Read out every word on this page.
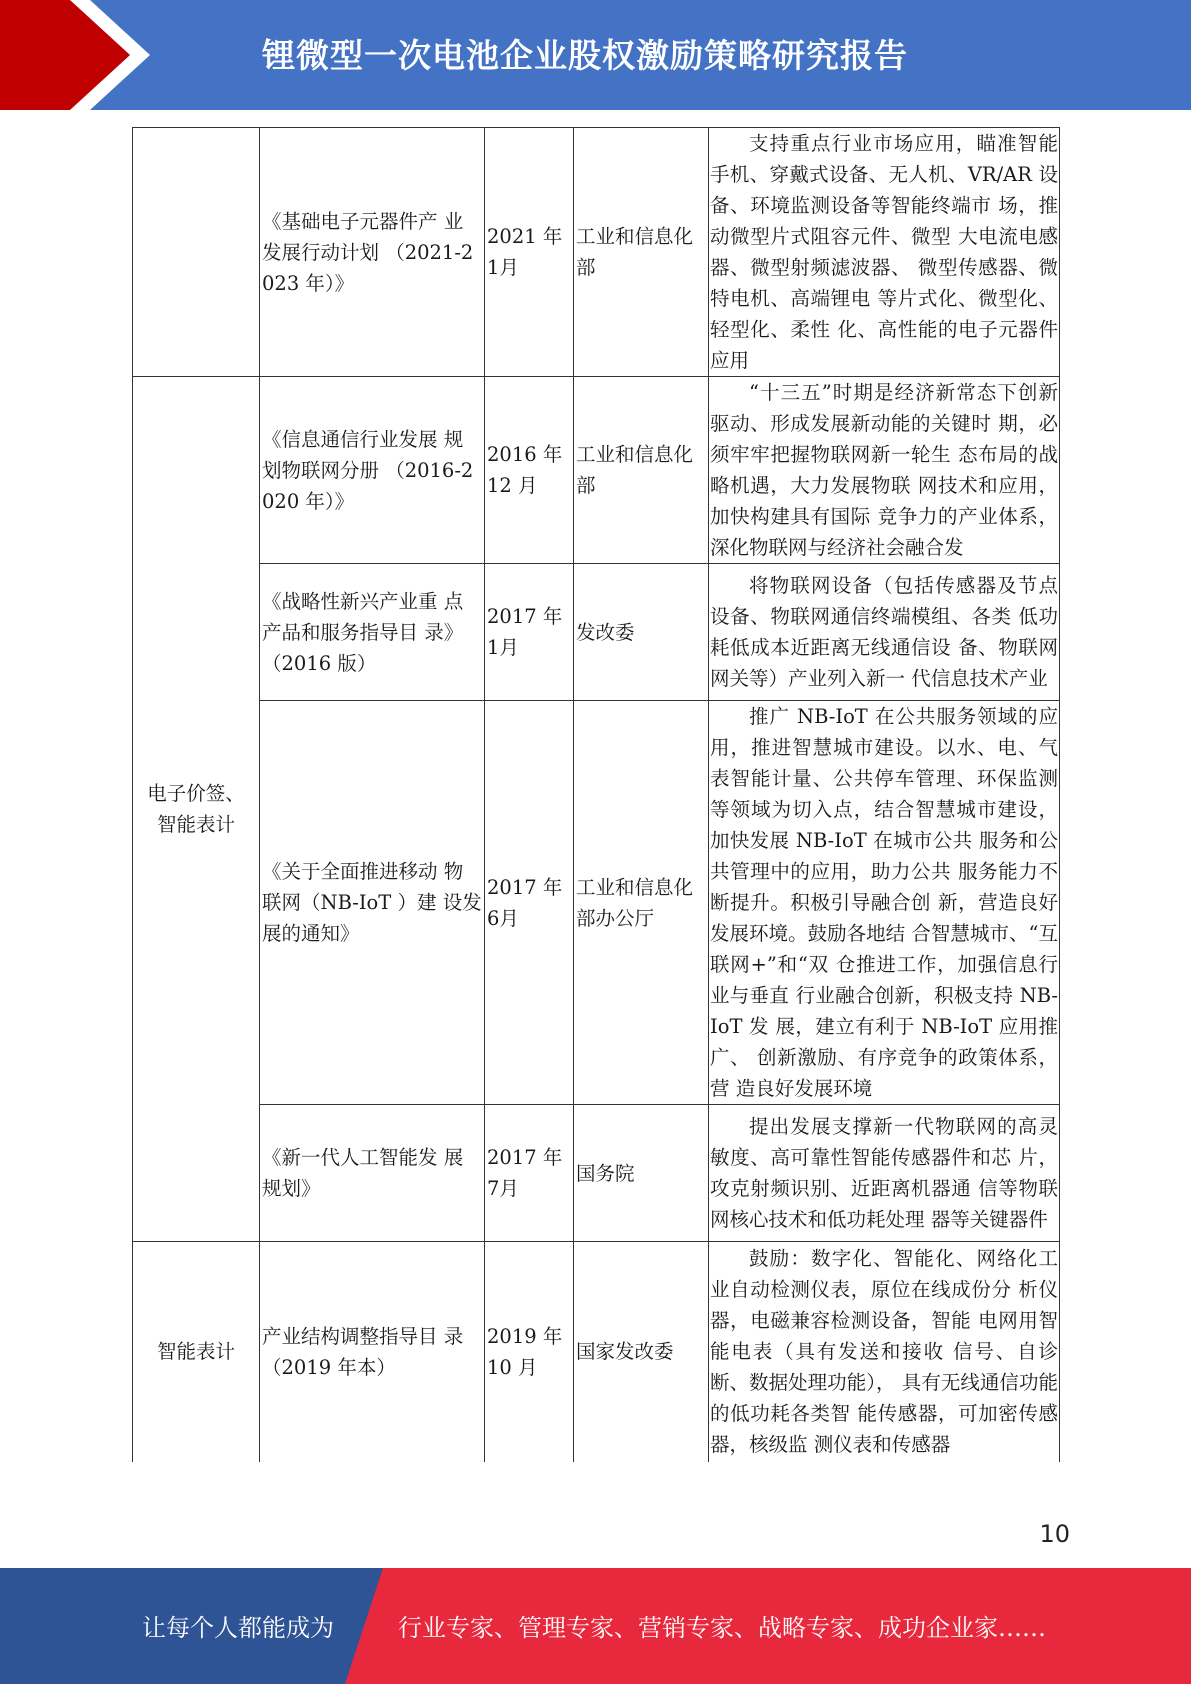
锂微型一次电池企业股权激励策略研究报告
	《基础电子元器件产 业发展行动计划 （2021-2023 年）》	2021 年 1月	工业和信息化部	支持重点行业市场应用，瞄准智能手机、穿戴式设备、无人机、VR/AR 设备、环境监测设备等智能终端市 场，推动微型片式阻容元件、微型 大电流电感器、微型射频滤波器、 微型传感器、微特电机、高端锂电 等片式化、微型化、轻型化、柔性 化、高性能的电子元器件应用
电子价签、 智能表计	《信息通信行业发展 规划物联网分册 （2016-2020 年）》	2016 年 12 月	工业和信息化部	“十三五”时期是经济新常态下创新驱动、形成发展新动能的关键时 期，必须牢牢把握物联网新一轮生 态布局的战略机遇，大力发展物联 网技术和应用，加快构建具有国际 竞争力的产业体系，深化物联网与经济社会融合发
	《战略性新兴产业重 点产品和服务指导目 录》（2016 版）	2017 年 1月	发改委	将物联网设备（包括传感器及节点设备、物联网通信终端模组、各类 低功耗低成本近距离无线通信设 备、物联网网关等）产业列入新一 代信息技术产业
	《关于全面推进移动 物联网（NB-IoT ）建 设发展的通知》	2017 年 6月	工业和信息化部办公厅	推广 NB-IoT 在公共服务领域的应用，推进智慧城市建设。以水、电、气表智能计量、公共停车管理、环保监测等领域为切入点，结合智慧城市建设，加快发展 NB-IoT 在城市公共 服务和公共管理中的应用，助力公共 服务能力不断提升。积极引导融合创 新，营造良好发展环境。鼓励各地结 合智慧城市、“互联网+”和“双 仓推进工作，加强信息行业与垂直 行业融合创新，积极支持 NB-IoT 发 展，建立有利于 NB-IoT 应用推广、 创新激励、有序竞争的政策体系，营 造良好发展环境
	《新一代人工智能发 展规划》	2017 年 7月	国务院	提出发展支撑新一代物联网的高灵敏度、高可靠性智能传感器件和芯 片，攻克射频识别、近距离机器通 信等物联网核心技术和低功耗处理 器等关键器件
智能表计	产业结构调整指导目 录（2019 年本）	2019 年 10 月	国家发改委	鼓励：数字化、智能化、网络化工业自动检测仪表，原位在线成份分 析仪器，电磁兼容检测设备，智能 电网用智能电表（具有发送和接收 信号、自诊断、数据处理功能）， 具有无线通信功能的低功耗各类智 能传感器，可加密传感器，核级监 测仪表和传感器
10
让每个人都能成为	行业专家、管理专家、营销专家、战略专家、成功企业家……
